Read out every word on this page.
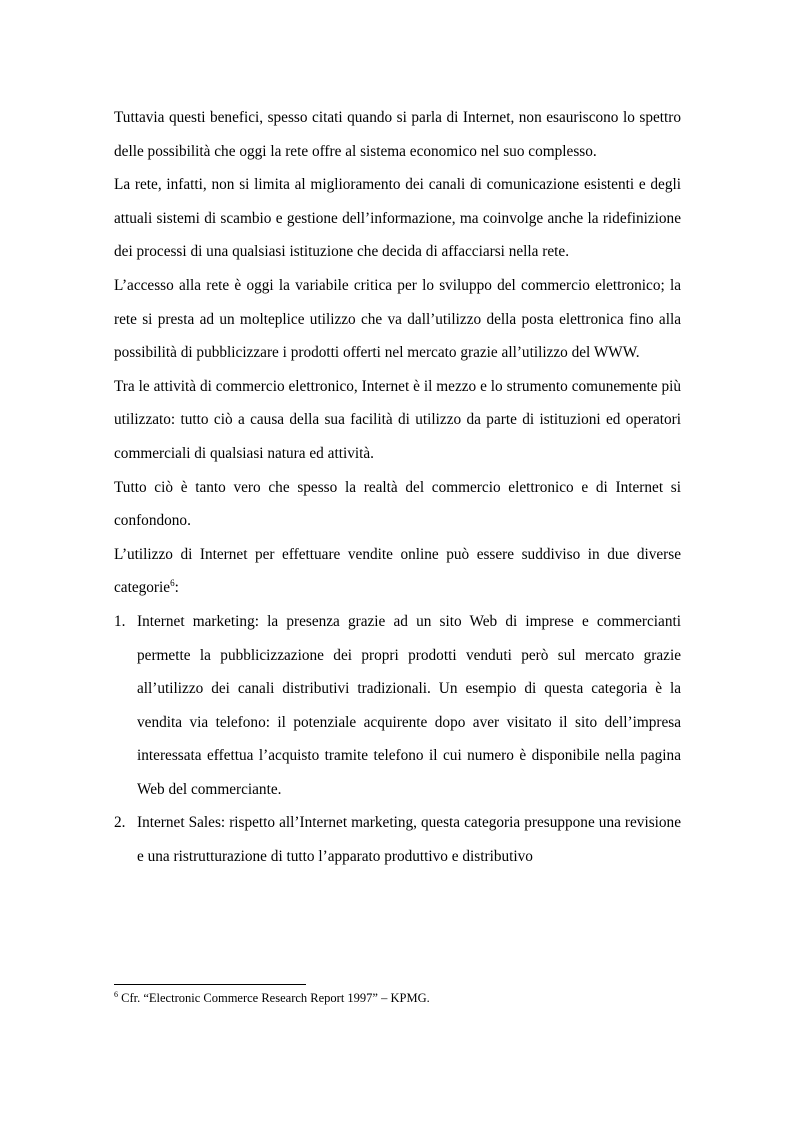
Tuttavia questi benefici, spesso citati quando si parla di Internet, non esauriscono lo spettro delle possibilità che oggi la rete offre al sistema economico nel suo complesso.

La rete, infatti, non si limita al miglioramento dei canali di comunicazione esistenti e degli attuali sistemi di scambio e gestione dell’informazione, ma coinvolge anche la ridefinizione dei processi di una qualsiasi istituzione che decida di affacciarsi nella rete.

L’accesso alla rete è oggi la variabile critica per lo sviluppo del commercio elettronico; la rete si presta ad un molteplice utilizzo che va dall’utilizzo della posta elettronica fino alla possibilità di pubblicizzare i prodotti offerti nel mercato grazie all’utilizzo del WWW.

Tra le attività di commercio elettronico, Internet è il mezzo e lo strumento comunemente più utilizzato: tutto ciò a causa della sua facilità di utilizzo da parte di istituzioni ed operatori commerciali di qualsiasi natura ed attività.

Tutto ciò è tanto vero che spesso la realtà del commercio elettronico e di Internet si confondono.

L’utilizzo di Internet per effettuare vendite online può essere suddiviso in due diverse categorie$^6$:

1. Internet marketing: la presenza grazie ad un sito Web di imprese e commercianti permette la pubblicizzazione dei propri prodotti venduti però sul mercato grazie all’utilizzo dei canali distributivi tradizionali. Un esempio di questa categoria è la vendita via telefono: il potenziale acquirente dopo aver visitato il sito dell’impresa interessata effettua l’acquisto tramite telefono il cui numero è disponibile nella pagina Web del commerciante.
2. Internet Sales: rispetto all’Internet marketing, questa categoria presuppone una revisione e una ristrutturazione di tutto l’apparato produttivo e distributivo
$^6$ Cfr. “Electronic Commerce Research Report 1997” – KPMG.
